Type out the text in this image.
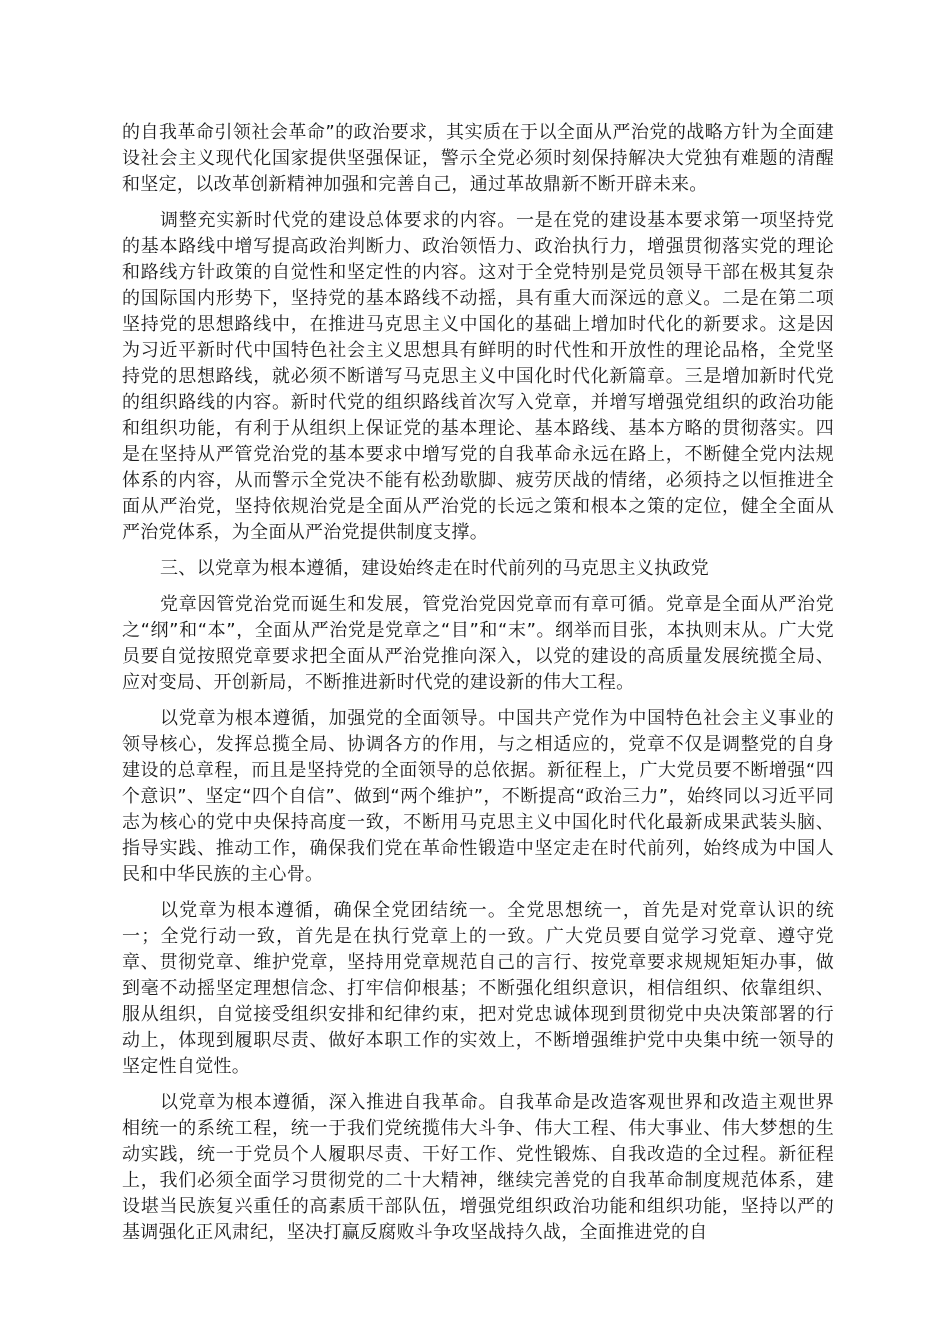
的自我革命引领社会革命”的政治要求，其实质在于以全面从严治党的战略方针为全面建设社会主义现代化国家提供坚强保证，警示全党必须时刻保持解决大党独有难题的清醒和坚定，以改革创新精神加强和完善自己，通过革故鼎新不断开辟未来。

调整充实新时代党的建设总体要求的内容。一是在党的建设基本要求第一项坚持党的基本路线中增写提高政治判断力、政治领悟力、政治执行力，增强贯彻落实党的理论和路线方针政策的自觉性和坚定性的内容。这对于全党特别是党员领导干部在极其复杂的国际国内形势下，坚持党的基本路线不动摇，具有重大而深远的意义。二是在第二项坚持党的思想路线中，在推进马克思主义中国化的基础上增加时代化的新要求。这是因为习近平新时代中国特色社会主义思想具有鲜明的时代性和开放性的理论品格，全党坚持党的思想路线，就必须不断谱写马克思主义中国化时代化新篇章。三是增加新时代党的组织路线的内容。新时代党的组织路线首次写入党章，并增写增强党组织的政治功能和组织功能，有利于从组织上保证党的基本理论、基本路线、基本方略的贯彻落实。四是在坚持从严管党治党的基本要求中增写党的自我革命永远在路上，不断健全党内法规体系的内容，从而警示全党决不能有松劲歇脚、疲劳厌战的情绪，必须持之以恒推进全面从严治党，坚持依规治党是全面从严治党的长远之策和根本之策的定位，健全全面从严治党体系，为全面从严治党提供制度支撑。

三、以党章为根本遵循，建设始终走在时代前列的马克思主义执政党

党章因管党治党而诞生和发展，管党治党因党章而有章可循。党章是全面从严治党之“纲”和“本”，全面从严治党是党章之“目”和“末”。纲举而目张，本执则末从。广大党员要自觉按照党章要求把全面从严治党推向深入，以党的建设的高质量发展统揽全局、应对变局、开创新局，不断推进新时代党的建设新的伟大工程。

以党章为根本遵循，加强党的全面领导。中国共产党作为中国特色社会主义事业的领导核心，发挥总揽全局、协调各方的作用，与之相适应的，党章不仅是调整党的自身建设的总章程，而且是坚持党的全面领导的总依据。新征程上，广大党员要不断增强“四个意识”、坚定“四个自信”、做到“两个维护”，不断提高“政治三力”，始终同以习近平同志为核心的党中央保持高度一致，不断用马克思主义中国化时代化最新成果武装头脑、指导实践、推动工作，确保我们党在革命性锻造中坚定走在时代前列，始终成为中国人民和中华民族的主心骨。

以党章为根本遵循，确保全党团结统一。全党思想统一，首先是对党章认识的统一；全党行动一致，首先是在执行党章上的一致。广大党员要自觉学习党章、遵守党章、贯彻党章、维护党章，坚持用党章规范自己的言行、按党章要求规规矩矩办事，做到毫不动摇坚定理想信念、打牢信仰根基；不断强化组织意识，相信组织、依靠组织、服从组织，自觉接受组织安排和纪律约束，把对党忠诚体现到贯彻党中央决策部署的行动上，体现到履职尽责、做好本职工作的实效上，不断增强维护党中央集中统一领导的坚定性自觉性。

以党章为根本遵循，深入推进自我革命。自我革命是改造客观世界和改造主观世界相统一的系统工程，统一于我们党统揽伟大斗争、伟大工程、伟大事业、伟大梦想的生动实践，统一于党员个人履职尽责、干好工作、党性锻炼、自我改造的全过程。新征程上，我们必须全面学习贯彻党的二十大精神，继续完善党的自我革命制度规范体系，建设堪当民族复兴重任的高素质干部队伍，增强党组织政治功能和组织功能，坚持以严的基调强化正风肃纪，坚决打赢反腐败斗争攻坚战持久战，全面推进党的自
